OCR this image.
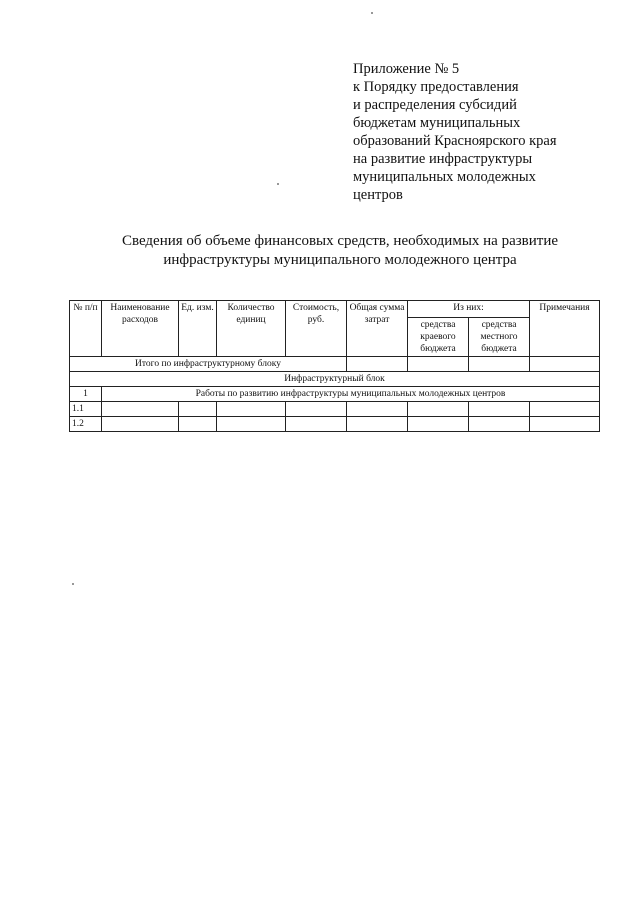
Приложение № 5
к Порядку предоставления
и распределения субсидий
бюджетам муниципальных
образований Красноярского края
на развитие инфраструктуры
муниципальных молодежных
центров
Сведения об объеме финансовых средств, необходимых на развитие
инфраструктуры муниципального молодежного центра
№ п/п	Наименование расходов	Ед. изм.	Количество единиц	Стоимость, руб.	Общая сумма затрат	Из них:		Примечания
						средства краевого бюджета	средства местного бюджета	
Итого по инфраструктурному блоку								
Инфраструктурный блок								
1	Работы по развитию инфраструктуры муниципальных молодежных центров							
1.1								
1.2								
